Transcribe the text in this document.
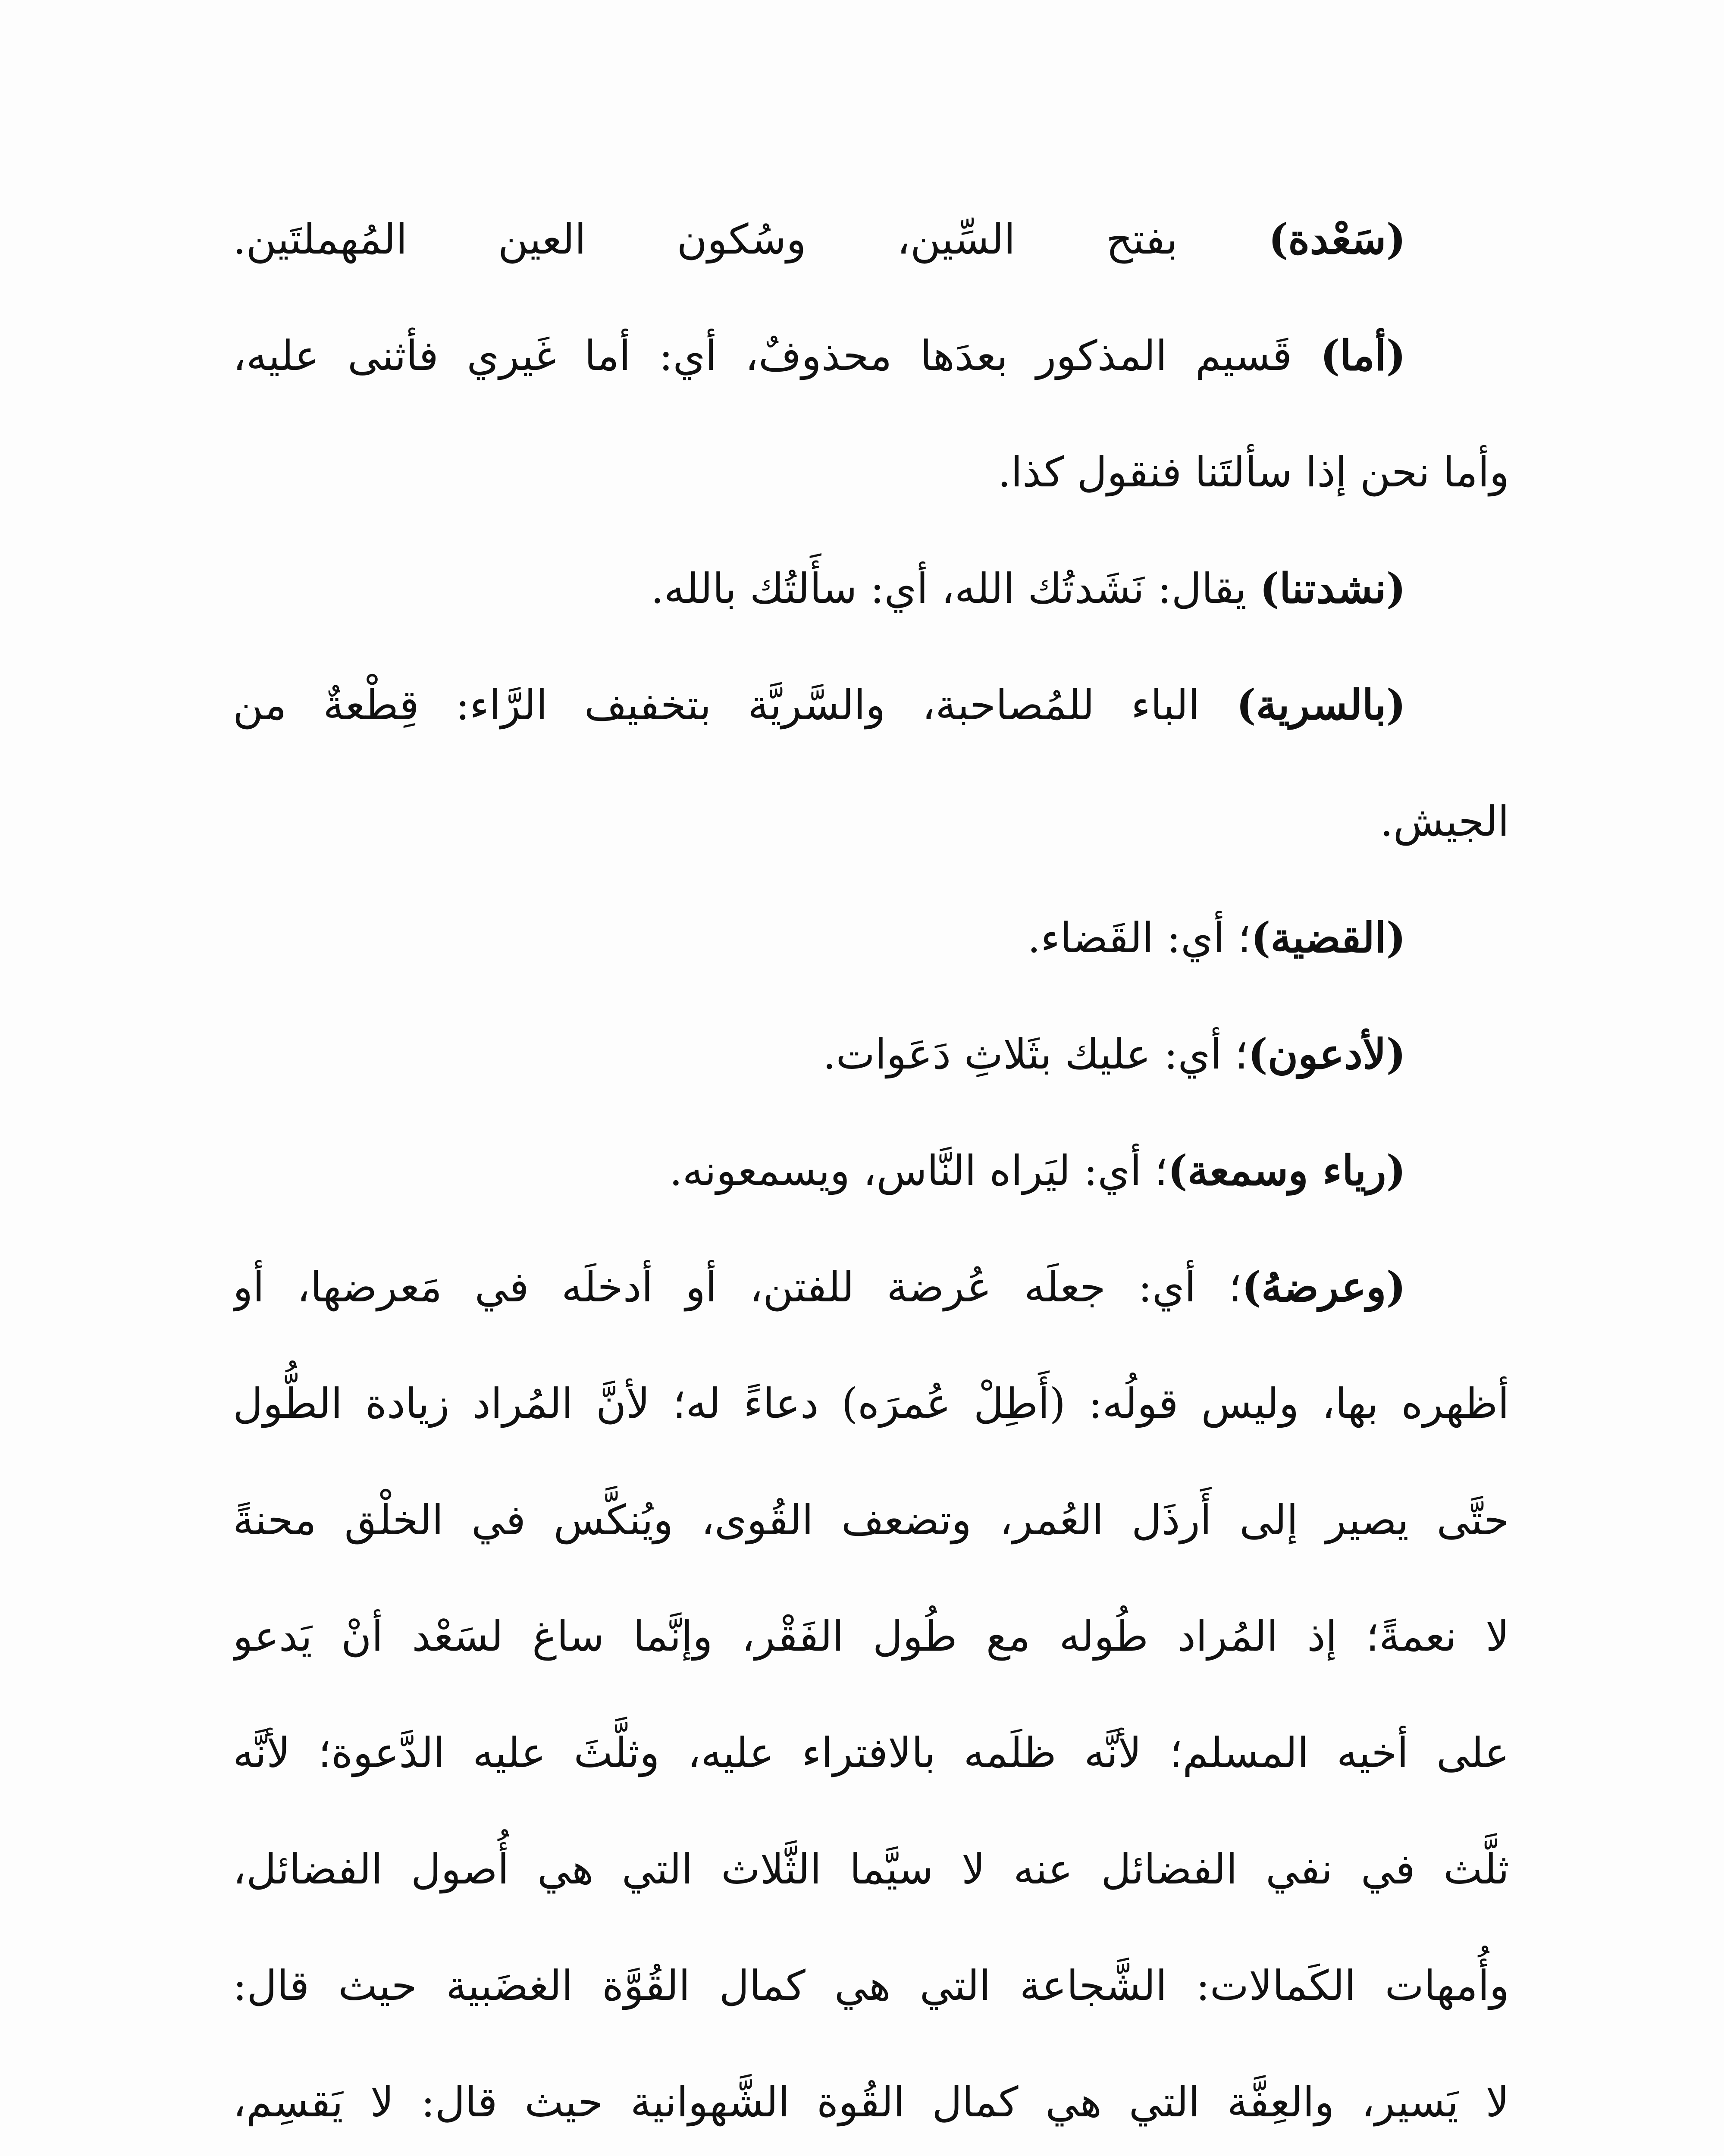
(سَعْدة) بفتح السِّين، وسُكون العين المُهملتَين.
(أما) قَسيم المذكور بعدَها محذوفٌ، أي: أما غَيري فأثنى عليه،
وأما نحن إذا سألتَنا فنقول كذا.
(نشدتنا) يقال: نَشَدتُك الله، أي: سأَلتُك بالله.
(بالسرية) الباء للمُصاحبة، والسَّريَّة بتخفيف الرَّاء: قِطْعةٌ من
الجيش.
(القضية)؛ أي: القَضاء.
(لأدعون)؛ أي: عليك بثَلاثِ دَعَوات.
(رياء وسمعة)؛ أي: ليَراه النَّاس، ويسمعونه.
(وعرضهُ)؛ أي: جعلَه عُرضة للفتن، أو أدخلَه في مَعرضها، أو
أظهره بها، وليس قولُه: (أَطِلْ عُمرَه) دعاءً له؛ لأنَّ المُراد زيادة الطُّول
حتَّى يصير إلى أَرذَل العُمر، وتضعف القُوى، ويُنكَّس في الخلْق محنةً
لا نعمةً؛ إذ المُراد طُوله مع طُول الفَقْر، وإنَّما ساغ لسَعْد أنْ يَدعو
على أخيه المسلم؛ لأنَّه ظلَمه بالافتراء عليه، وثلَّثَ عليه الدَّعوة؛ لأنَّه
ثلَّث في نفي الفضائل عنه لا سيَّما الثَّلاث التي هي أُصول الفضائل،
وأُمهات الكَمالات: الشَّجاعة التي هي كمال القُوَّة الغضَبية حيث قال:
لا يَسير، والعِفَّة التي هي كمال القُوة الشَّهوانية حيث قال: لا يَقسِم،
